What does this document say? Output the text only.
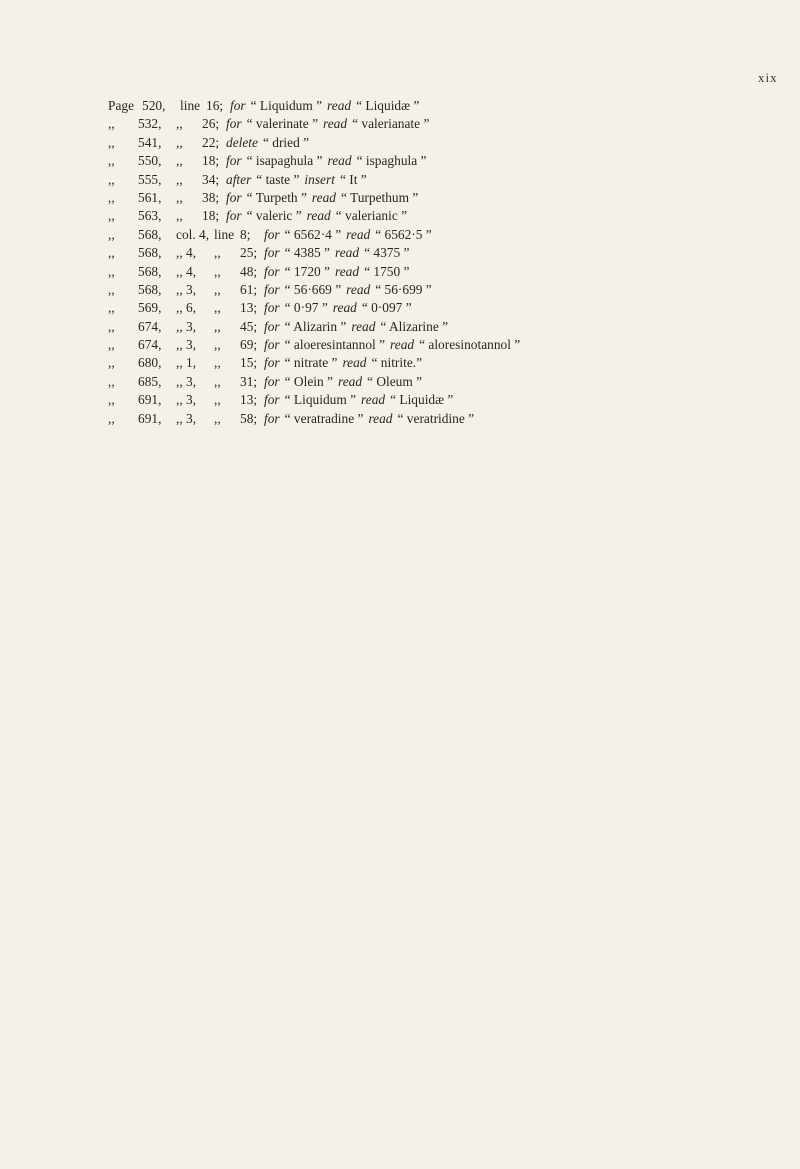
xix
Page 520,	line 16; for “ Liquidum ” read “ Liquidæ ”
,,	532,	,,	26; for “ valerinate ” read “ valerianate ”
,,	541,	,,	22; delete “ dried ”
,,	550,	,,	18; for “ isapaghula ” read “ ispaghula ”
,,	555,	,,	34; after “ taste ” insert “ It ”
,,	561,	,,	38; for “ Turpeth ” read “ Turpethum ”
,,	563,	,,	18; for “ valeric ” read “ valerianic ”
,,	568,	col. 4, line 8;	for “ 6562·4 ” read “ 6562·5 ”
,,	568,	,, 4,	,,	25; for “ 4385 ” read “ 4375 ”
,,	568,	,, 4,	,,	48; for “ 1720 ” read “ 1750 ”
,,	568,	,, 3,	,,	61; for “ 56·669 ” read “ 56·699 ”
,,	569,	,, 6,	,,	13; for “ 0·97 ” read “ 0·097 ”
,,	674,	,, 3,	,,	45; for “ Alizarin ” read “ Alizarine ”
,,	674,	,, 3,	,,	69; for “ aloeresintannol ” read “ aloresinotannol ”
,,	680,	,, 1,	,,	15; for “ nitrate ” read “ nitrite.”
,,	685,	,, 3,	,,	31; for “ Olein ” read “ Oleum ”
,,	691,	,, 3,	,,	13; for “ Liquidum ” read “ Liquidæ ”
,,	691,	,, 3,	,,	58; for “ veratradine ” read “ veratridine ”
